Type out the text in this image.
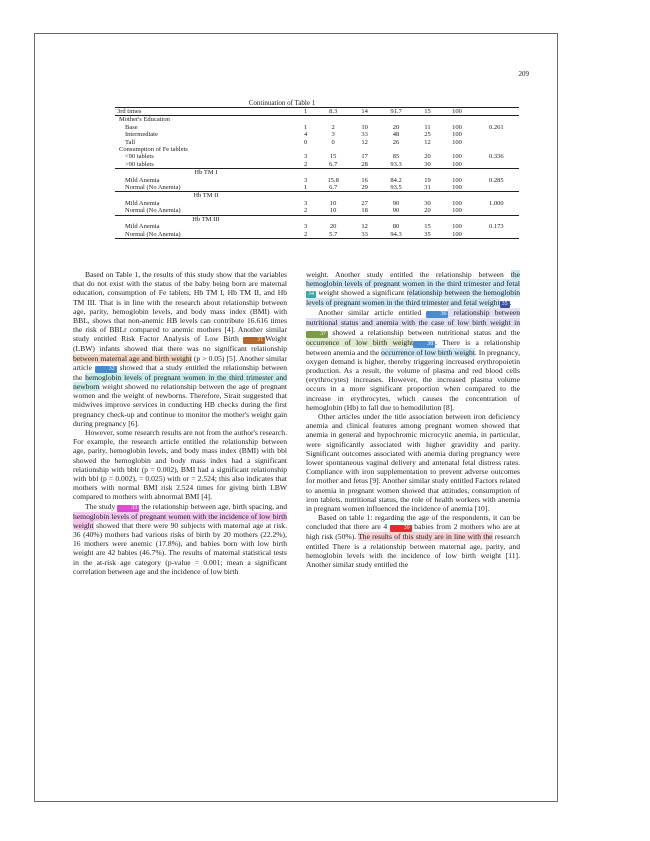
209
Continuation of Table 1
3rd times	1	8.3	14	91.7	15	100	
Mother's Education							
Base	1	2	10	20	11	100	0.261
Intermediate	4	3	33	48	25	100	
Tall	0	0	12	26	12	100	
Consumption of Fe tablets							
<90 tablets	3	15	17	85	20	100	0.336
>90 tablets	2	6.7	28	93.3	30	100	
Hb TM I							
Mild Anemia	3	15.8	16	84.2	19	100	0.285
Normal (No Anemia)	1	6.7	29	93.5	31	100	
Hb TM II							
Mild Anemia	3	10	27	90	30	100	1.000
Normal (No Anemia)	2	10	18	90	20	100	
Hb TM III							
Mild Anemia	3	20	12	80	15	100	0.173
Normal (No Anemia)	2	5.7	33	94.3	35	100	

Based on Table 1, the results of this study show that the variables that do not exist with the status of the baby being born are maternal education, consumption of Fe tablets, Hb TM I, Hb TM II, and Hb TM III. That is in line with the research about relationship between age, parity, hemoglobin levels, and body mass index (BMI) with BBL, shows that non-anemic HB levels can contribute 16.616 times the risk of BBLr compared to anemic mothers [4]. Another similar study entitled Risk Factor Analysis of Low Birth 31 Weight (LBW) infants showed that there was no significant relationship between maternal age and birth weight (p > 0.05) [5]. Another similar article 32 showed that a study entitled the relationship between the hemoglobin levels of pregnant women in the third trimester and newborn weight showed no relationship between the age of pregnant women and the weight of newborns. Therefore, Sirait suggested that midwives improve services in conducting HB checks during the first pregnancy check-up and continue to monitor the mother's weight gain during pregnancy [6].

However, some research results are not from the author's research. For example, the research article entitled the relationship between age, parity, hemoglobin levels, and body mass index (BMI) with bbl showed the hemoglobin and body mass index had a significant relationship with bblr (p = 0.002), BMI had a significant relationship with bbl (p = 0.002), = 0.025) with or = 2.524; this also indicates that mothers with normal BMI risk 2.524 times for giving birth LBW compared to mothers with abnormal BMI [4].

The study 33 the relationship between age, birth spacing, and hemoglobin levels of pregnant women with the incidence of low birth weight showed that there were 90 subjects with maternal age at risk. 36 (40%) mothers had various risks of birth by 20 mothers (22.2%), 16 mothers were anemic (17.8%), and babies born with low birth weight are 42 babies (46.7%). The results of maternal statistical tests in the at-risk age category (p-value = 0.001; mean a significant correlation between age and the incidence of low birth

weight. Another study entitled the relationship between the hemoglobin levels of pregnant women in the third trimester and fetal34 weight showed a significant relationship between the hemoglobin levels of pregnant women in the third trimester and fetal weight 35 .

Another similar article entitled 36 relationship between nutritional status and anemia with the case of low birth weight in37 showed a relationship between nutritional status and the occurrence of low birth weight 38 . There is a relationship between anemia and the occurrence of low birth weight. In pregnancy, oxygen demand is higher, thereby triggering increased erythropoietin production. As a result, the volume of plasma and red blood cells (erythrocytes) increases. However, the increased plasma volume occurs in a more significant proportion when compared to the increase in erythrocytes, which causes the concentration of hemoglobin (Hb) to fall due to hemodilution [8].

Other articles under the title association between iron deficiency anemia and clinical features among pregnant women showed that anemia in general and hypochromic microcytic anemia, in particular, were significantly associated with higher gravidity and parity. Significant outcomes associated with anemia during pregnancy were lower spontaneous vaginal delivery and antenatal fetal distress rates. Compliance with iron supplementation to prevent adverse outcomes for mother and fetus [9]. Another similar study entitled Factors related to anemia in pregnant women showed that attitudes, consumption of iron tablets, nutritional status, the role of health workers with anemia in pregnant women influenced the incidence of anemia [10].

Based on table 1: regarding the age of the respondents, it can be concluded that there are 4 39 babies from 2 mothers who are at high risk (50%). The results of this study are in line with the research entitled There is a relationship between maternal age, parity, and hemoglobin levels with the incidence of low birth weight [11]. Another similar study entitled the
